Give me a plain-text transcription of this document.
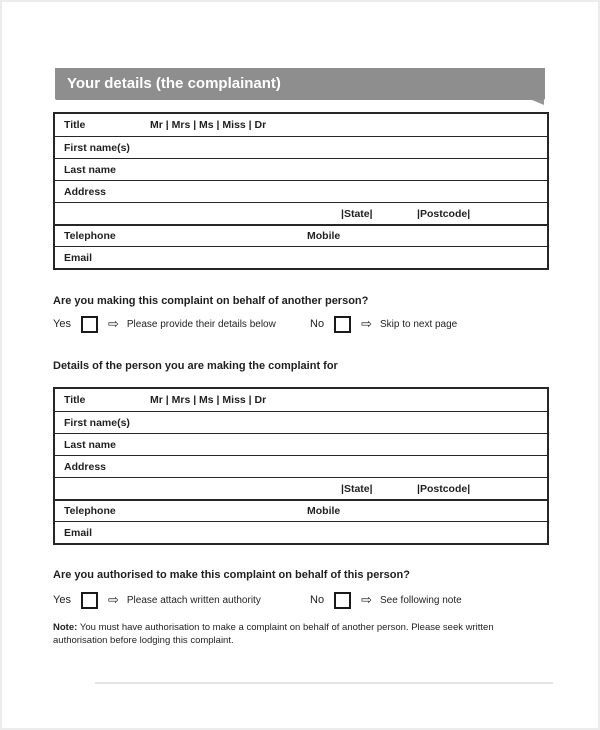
Your details (the complainant)
Title	Mr | Mrs | Ms | Miss | Dr
First name(s)
Last name
Address
|State|	|Postcode|
Telephone	Mobile
Email
Are you making this complaint on behalf of another person?
Yes	⇨ Please provide their details below	No	⇨ Skip to next page
Details of the person you are making the complaint for
Title	Mr | Mrs | Ms | Miss | Dr
First name(s)
Last name
Address
|State|	|Postcode|
Telephone	Mobile
Email
Are you authorised to make this complaint on behalf of this person?
Yes	⇨ Please attach written authority	No	⇨ See following note
Note: You must have authorisation to make a complaint on behalf of another person. Please seek written authorisation before lodging this complaint.
